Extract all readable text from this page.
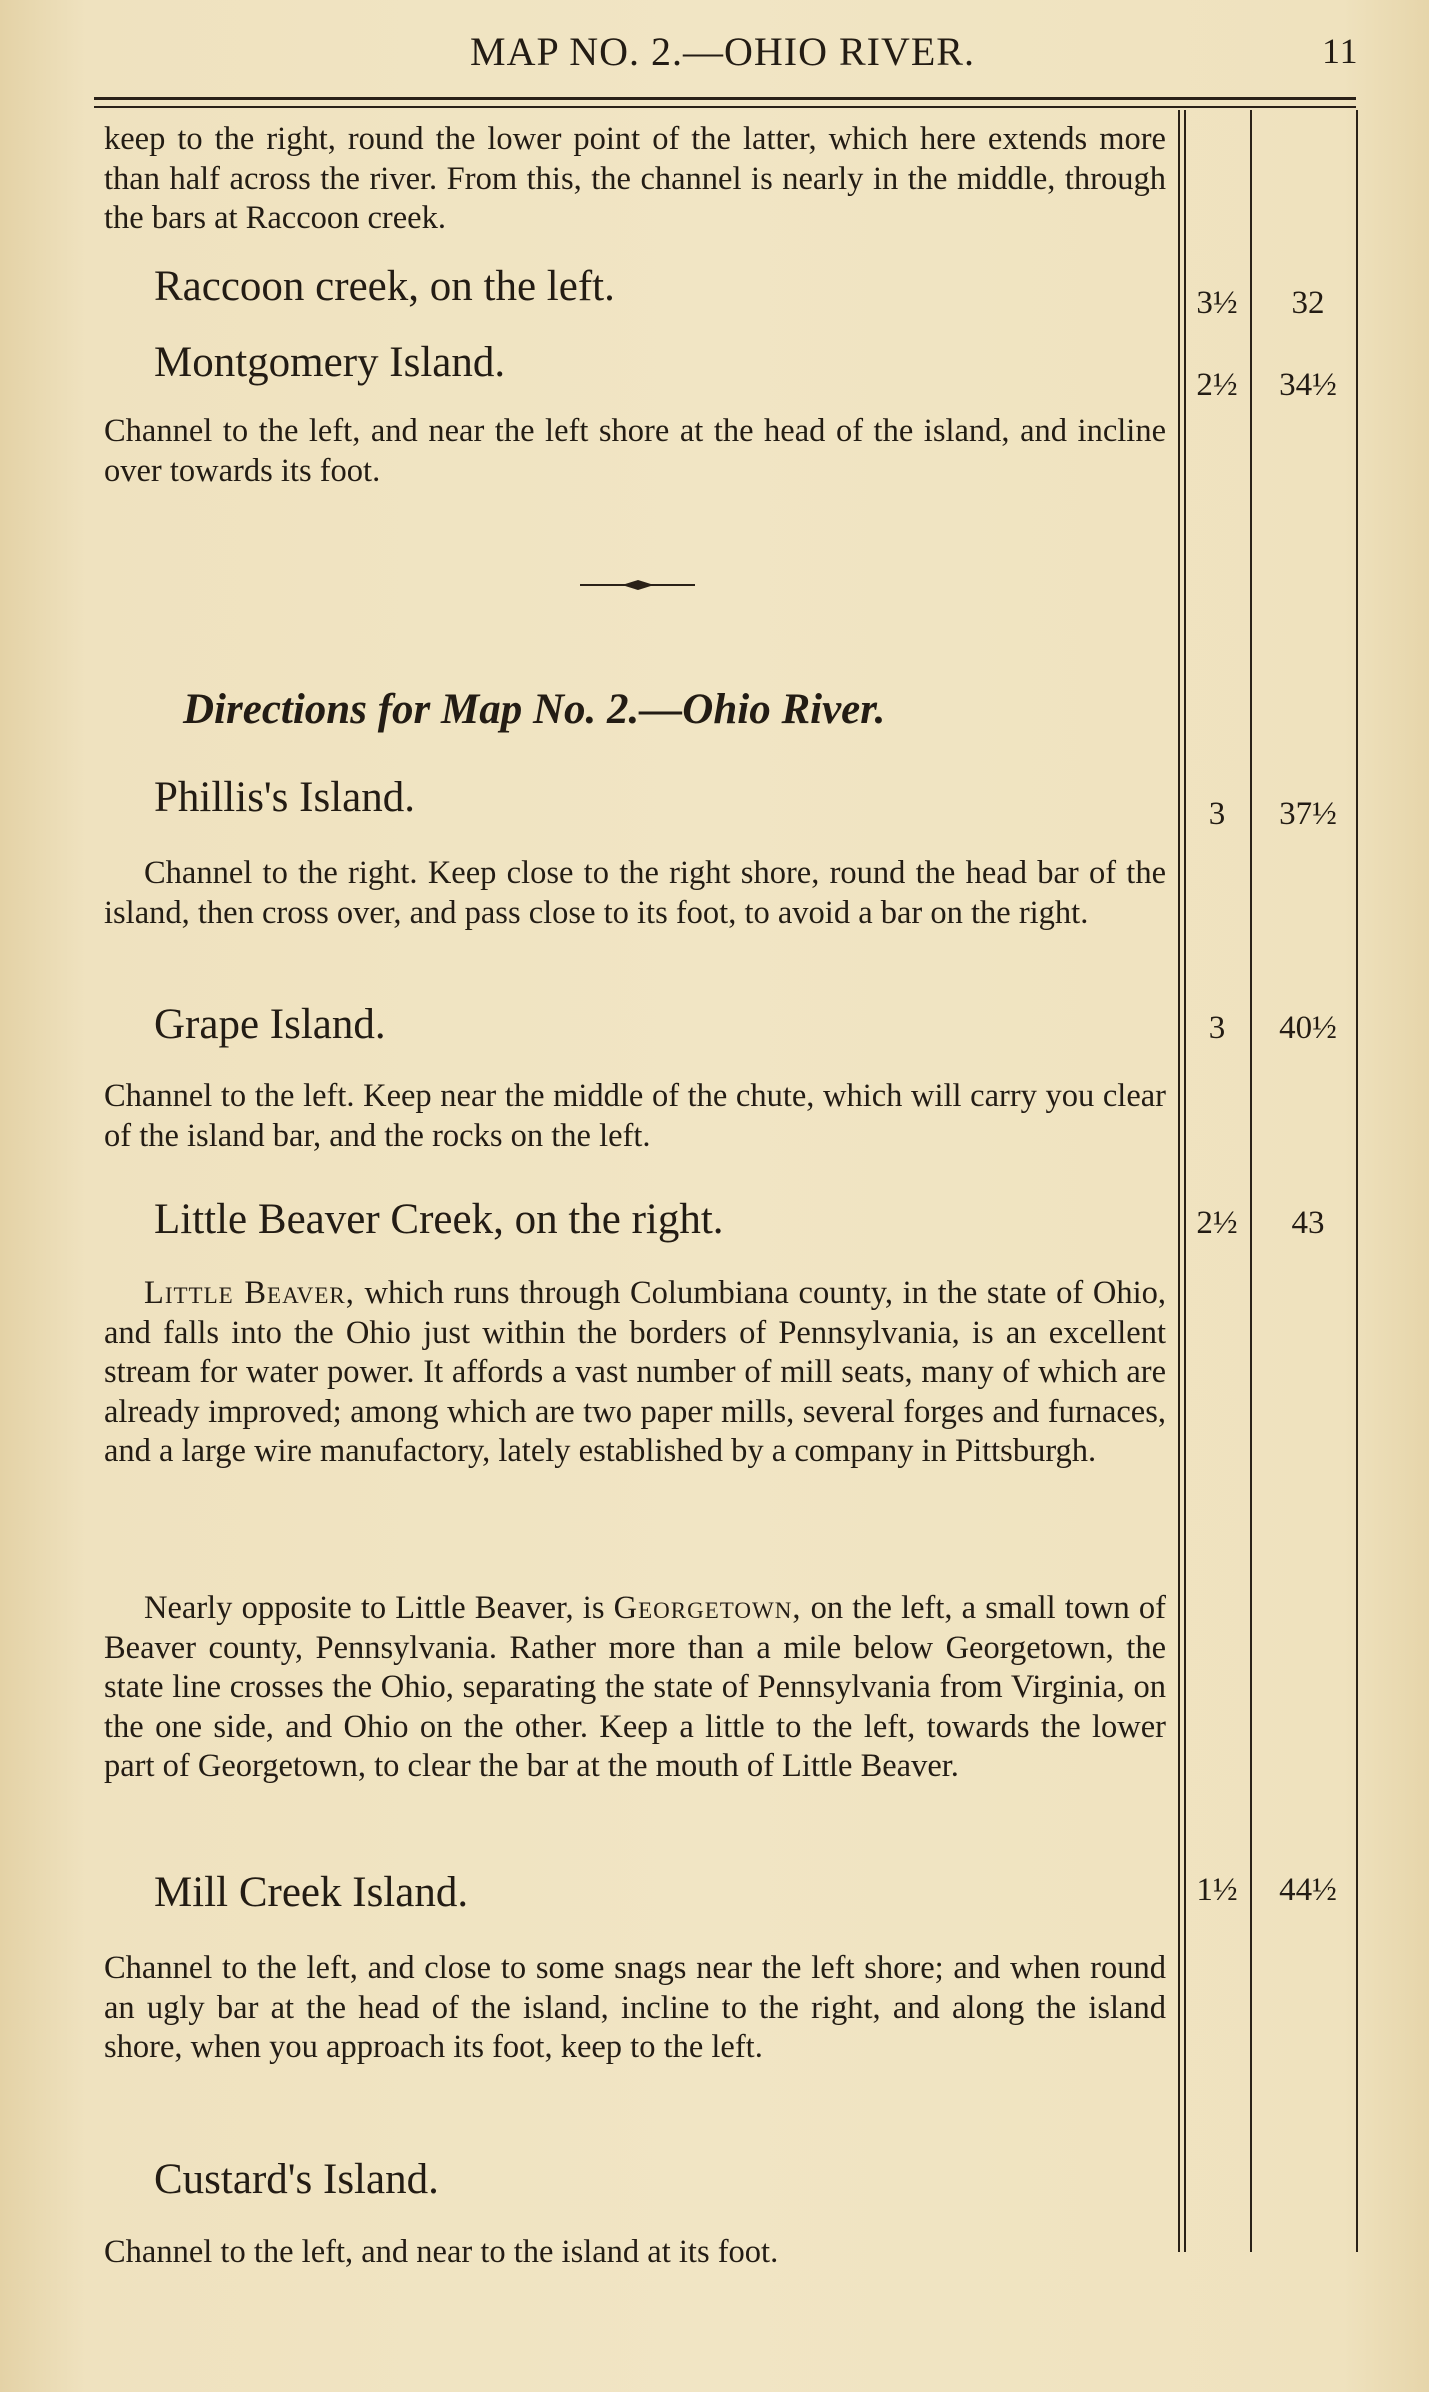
MAP NO. 2.—OHIO RIVER.	11

keep to the right, round the lower point of the latter, which here extends more than half across the river. From this, the channel is nearly in the middle, through the bars at Raccoon creek.

Raccoon creek, on the left.	3½	32
Montgomery Island.	2½	34½

Channel to the left, and near the left shore at the head of the island, and incline over towards its foot.

Directions for Map No. 2.—Ohio River.
Phillis's Island.	3	37½

Channel to the right. Keep close to the right shore, round the head bar of the island, then cross over, and pass close to its foot, to avoid a bar on the right.

Grape Island.	3	40½

Channel to the left. Keep near the middle of the chute, which will carry you clear of the island bar, and the rocks on the left.

Little Beaver Creek, on the right.	2½	43

Little Beaver, which runs through Columbiana county, in the state of Ohio, and falls into the Ohio just within the borders of Pennsylvania, is an excellent stream for water power. It affords a vast number of mill seats, many of which are already improved; among which are two paper mills, several forges and furnaces, and a large wire manufactory, lately established by a company in Pittsburgh.

Nearly opposite to Little Beaver, is Georgetown, on the left, a small town of Beaver county, Pennsylvania. Rather more than a mile below Georgetown, the state line crosses the Ohio, separating the state of Pennsylvania from Virginia, on the one side, and Ohio on the other. Keep a little to the left, towards the lower part of Georgetown, to clear the bar at the mouth of Little Beaver.

Mill Creek Island.	1½	44½

Channel to the left, and close to some snags near the left shore; and when round an ugly bar at the head of the island, incline to the right, and along the island shore, when you approach its foot, keep to the left.

Custard's Island.

Channel to the left, and near to the island at its foot.
